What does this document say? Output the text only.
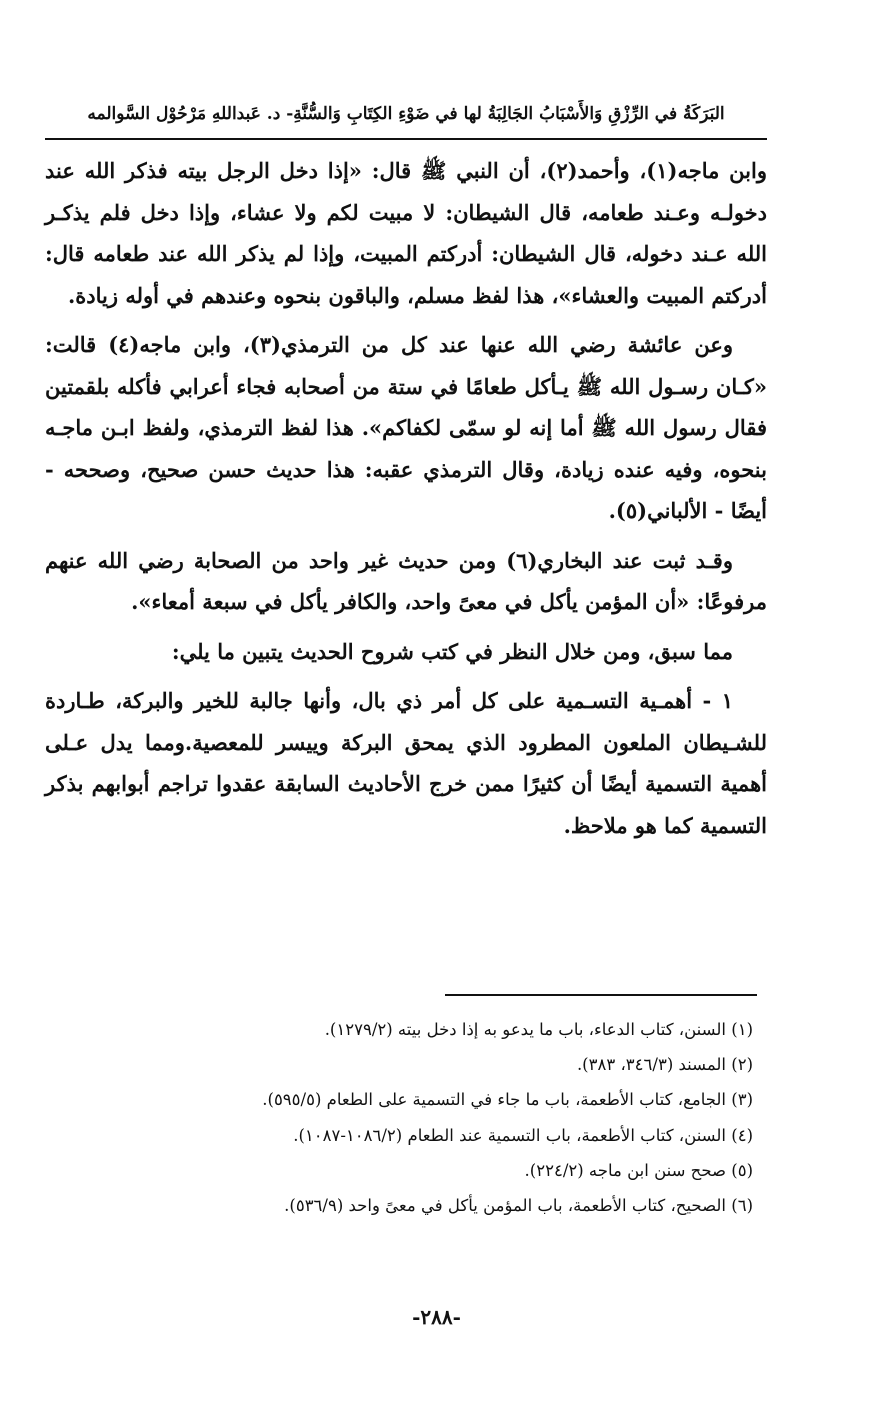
البَرَكَةُ في الرِّزْقِ وَالأَسْبَابُ الجَالِبَةُ لها في ضَوْءِ الكِتَابِ وَالسُّنَّةِ- د. عَبداللهِ مَرْحُوْل السَّوالمه

وابن ماجه(١)، وأحمد(٢)، أن النبي ﷺ قال: «إذا دخل الرجل بيته فذكر الله عند دخولـه وعـند طعامه، قال الشيطان: لا مبيت لكم ولا عشاء، وإذا دخل فلم يذكـر الله عـند دخوله، قال الشيطان: أدركتم المبيت، وإذا لم يذكر الله عند طعامه قال: أدركتم المبيت والعشاء»، هذا لفظ مسلم، والباقون بنحوه وعندهم في أوله زيادة.

وعن عائشة رضي الله عنها عند كل من الترمذي(٣)، وابن ماجه(٤) قالت: «كـان رسـول الله ﷺ يـأكل طعامًا في ستة من أصحابه فجاء أعرابي فأكله بلقمتين فقال رسول الله ﷺ أما إنه لو سمّى لكفاكم». هذا لفظ الترمذي، ولفظ ابـن ماجـه بنحوه، وفيه عنده زيادة، وقال الترمذي عقبه: هذا حديث حسن صحيح، وصححه - أيضًا - الألباني(٥).

وقـد ثبت عند البخاري(٦) ومن حديث غير واحد من الصحابة رضي الله عنهم مرفوعًا: «أن المؤمن يأكل في معىً واحد، والكافر يأكل في سبعة أمعاء».

مما سبق، ومن خلال النظر في كتب شروح الحديث يتبين ما يلي:

١ - أهمـية التسـمية على كل أمر ذي بال، وأنها جالبة للخير والبركة، طـاردة للشـيطان الملعون المطرود الذي يمحق البركة وييسر للمعصية.ومما يدل عـلى أهمية التسمية أيضًا أن كثيرًا ممن خرج الأحاديث السابقة عقدوا تراجم أبوابهم بذكر التسمية كما هو ملاحظ.

(١) السنن، كتاب الدعاء، باب ما يدعو به إذا دخل بيته (١٢٧٩/٢).
(٢) المسند (٣٤٦/٣، ٣٨٣).
(٣) الجامع، كتاب الأطعمة، باب ما جاء في التسمية على الطعام (٥٩٥/٥).
(٤) السنن، كتاب الأطعمة، باب التسمية عند الطعام (١٠٨٦/٢-١٠٨٧).
(٥) صحح سنن ابن ماجه (٢٢٤/٢).
(٦) الصحيح، كتاب الأطعمة، باب المؤمن يأكل في معىً واحد (٥٣٦/٩).
-٢٨٨-
